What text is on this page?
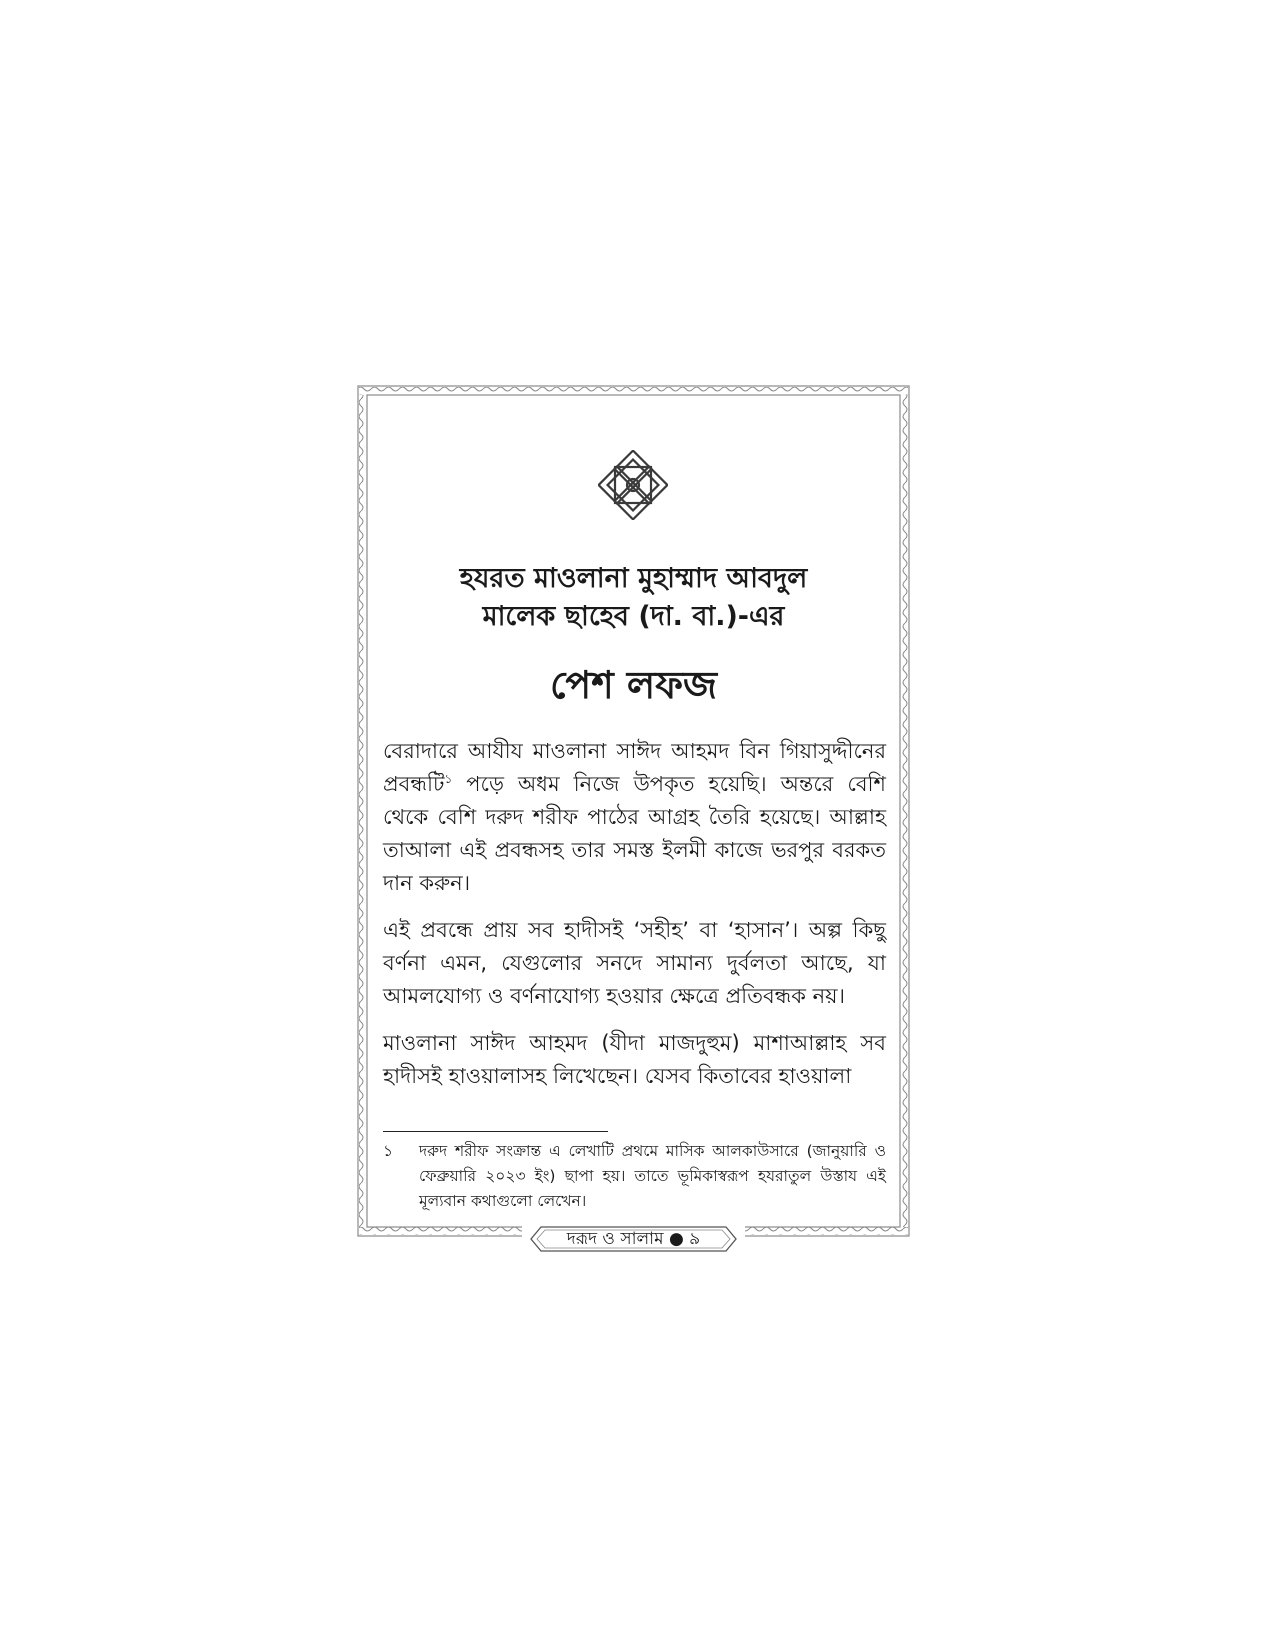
হযরত মাওলানা মুহাম্মাদ আবদুল

মালেক ছাহেব (দা. বা.)-এর

পেশ লফজ

বেরাদারে আযীয মাওলানা সাঈদ আহমদ বিন গিয়াসুদ্দীনের প্রবন্ধটি$^১$ পড়ে অধম নিজে উপকৃত হয়েছি। অন্তরে বেশি থেকে বেশি দরুদ শরীফ পাঠের আগ্রহ তৈরি হয়েছে। আল্লাহ তাআলা এই প্রবন্ধসহ তার সমস্ত ইলমী কাজে ভরপুর বরকত দান করুন।

এই প্রবন্ধে প্রায় সব হাদীসই ‘সহীহ’ বা ‘হাসান’। অল্প কিছু বর্ণনা এমন, যেগুলোর সনদে সামান্য দুর্বলতা আছে, যা আমলযোগ্য ও বর্ণনাযোগ্য হওয়ার ক্ষেত্রে প্রতিবন্ধক নয়।

মাওলানা সাঈদ আহমদ (যীদা মাজদুহুম) মাশাআল্লাহ সব হাদীসই হাওয়ালাসহ লিখেছেন। যেসব কিতাবের হাওয়ালা

১	দরুদ শরীফ সংক্রান্ত এ লেখাটি প্রথমে মাসিক আলকাউসারে (জানুয়ারি ও ফেব্রুয়ারি ২০২৩ ইং) ছাপা হয়। তাতে ভূমিকাস্বরূপ হযরাতুল উস্তায এই মূল্যবান কথাগুলো লেখেন।
দরূদ ও সালাম ● ৯
